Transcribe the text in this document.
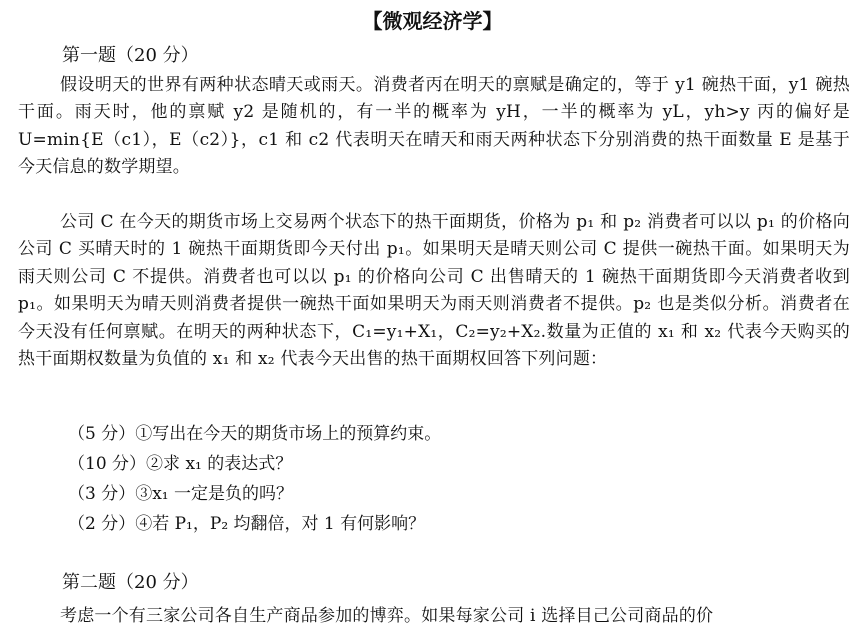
【微观经济学】
第一题（20 分）

假设明天的世界有两种状态晴天或雨天。消费者丙在明天的禀赋是确定的，等于 y1 碗热干面，y1 碗热干面。雨天时，他的禀赋 y2 是随机的，有一半的概率为 yH，一半的概率为 yL，yh>y 丙的偏好是 U=min{E（c1），E（c2）}，c1 和 c2 代表明天在晴天和雨天两种状态下分别消费的热干面数量 E 是基于今天信息的数学期望。

公司 C 在今天的期货市场上交易两个状态下的热干面期货，价格为 p₁ 和 p₂ 消费者可以以 p₁ 的价格向公司 C 买晴天时的 1 碗热干面期货即今天付出 p₁。如果明天是晴天则公司 C 提供一碗热干面。如果明天为雨天则公司 C 不提供。消费者也可以以 p₁ 的价格向公司 C 出售晴天的 1 碗热干面期货即今天消费者收到 p₁。如果明天为晴天则消费者提供一碗热干面如果明天为雨天则消费者不提供。p₂ 也是类似分析。消费者在今天没有任何禀赋。在明天的两种状态下，C₁=y₁+X₁，C₂=y₂+X₂.数量为正值的 x₁ 和 x₂ 代表今天购买的热干面期权数量为负值的 x₁ 和 x₂ 代表今天出售的热干面期权回答下列问题：

（5 分）①写出在今天的期货市场上的预算约束。
（10 分）②求 x₁ 的表达式？
（3 分）③x₁ 一定是负的吗？
（2 分）④若 P₁，P₂ 均翻倍，对 1 有何影响？
第二题（20 分）

考虑一个有三家公司各自生产商品参加的博弈。如果每家公司 i 选择目己公司商品的价
